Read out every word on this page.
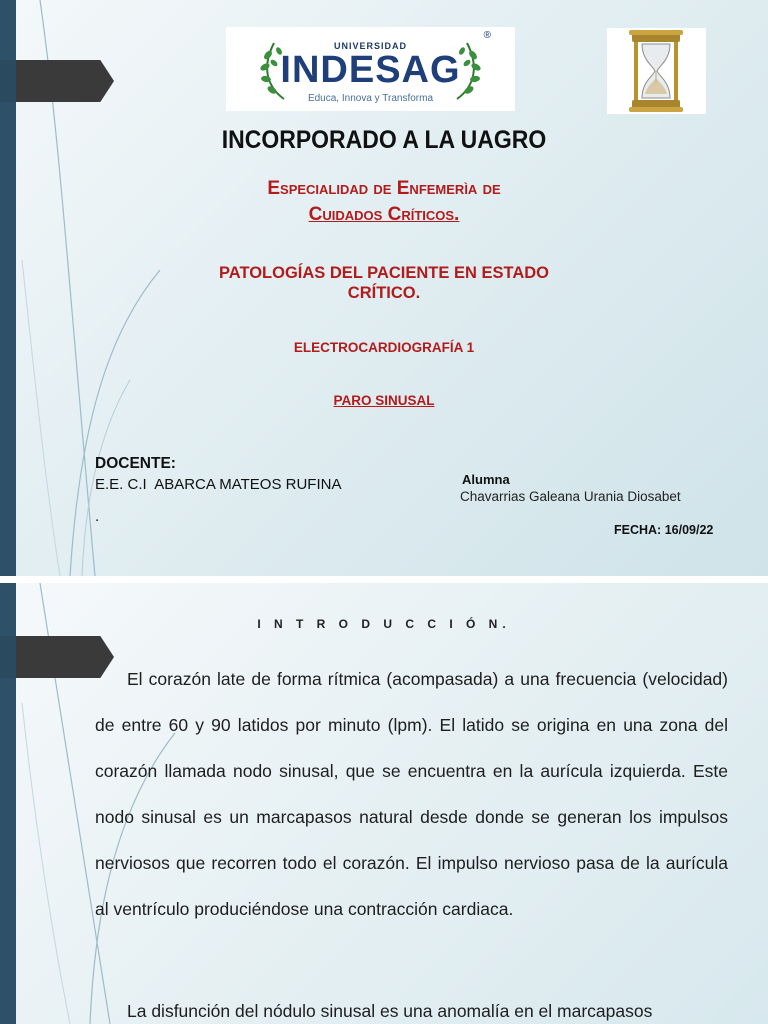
UNIVERSIDAD
INDESAG
®
Educa, Innova y Transforma
INCORPORADO A LA UAGRO
Especialidad de Enfemerìa de
Cuidados Críticos.
PATOLOGÍAS DEL PACIENTE EN ESTADO
CRÍTICO.
ELECTROCARDIOGRAFÍA 1
PARO SINUSAL
DOCENTE:
E.E. C.I ABARCA MATEOS RUFINA
.
Alumna
Chavarrias Galeana Urania Diosabet
FECHA: 16/09/22
I N T R O D U C C I Ó N.
El corazón late de forma rítmica (acompasada) a una frecuencia (velocidad) de entre 60 y 90 latidos por minuto (lpm). El latido se origina en una zona del corazón llamada nodo sinusal, que se encuentra en la aurícula izquierda. Este nodo sinusal es un marcapasos natural desde donde se generan los impulsos nerviosos que recorren todo el corazón. El impulso nervioso pasa de la aurícula al ventrículo produciéndose una contracción cardiaca.
La disfunción del nódulo sinusal es una anomalía en el marcapasos
